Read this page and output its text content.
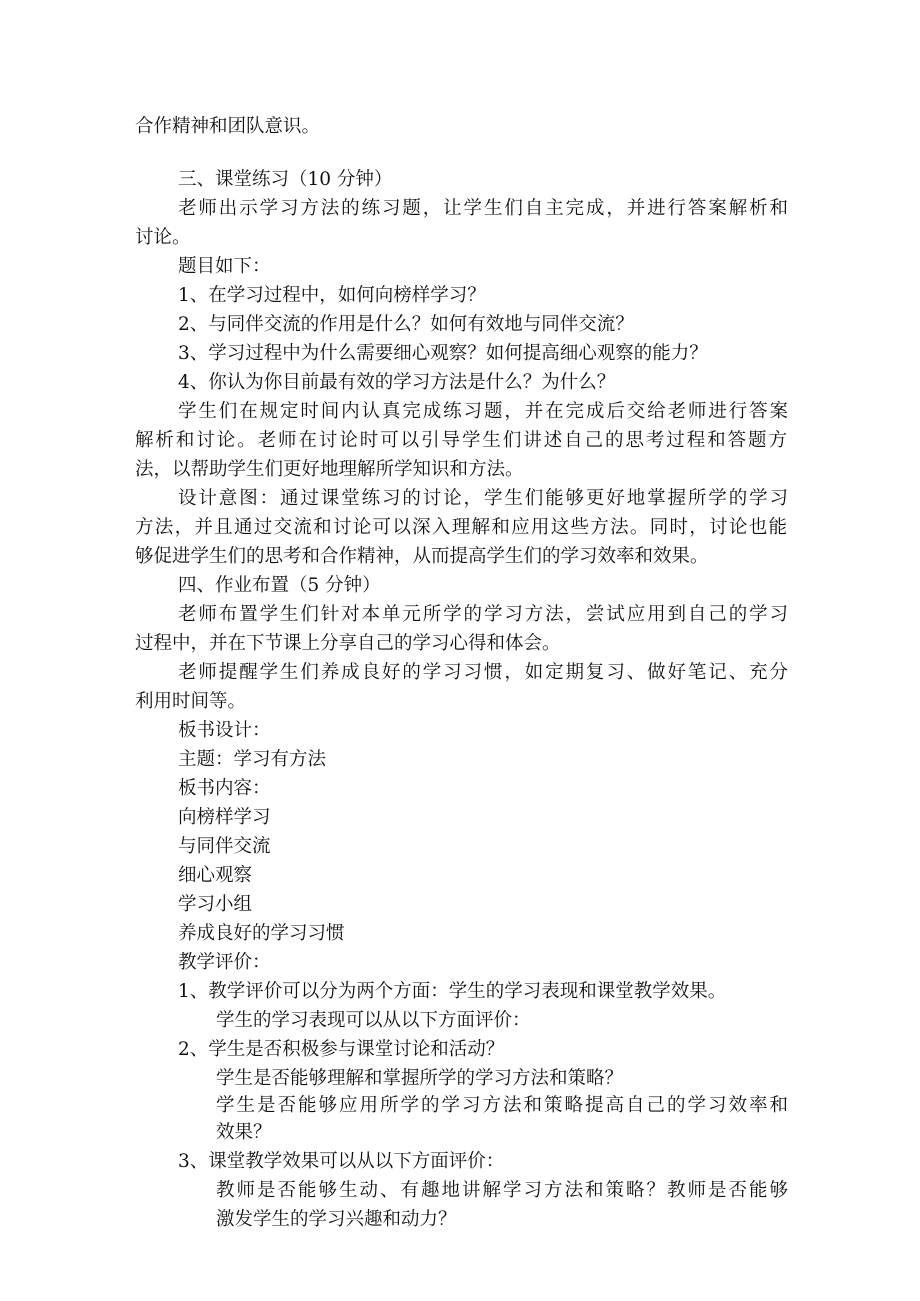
合作精神和团队意识。

三、课堂练习（10 分钟）

老师出示学习方法的练习题，让学生们自主完成，并进行答案解析和

讨论。

题目如下：

1、在学习过程中，如何向榜样学习？

2、与同伴交流的作用是什么？如何有效地与同伴交流？

3、学习过程中为什么需要细心观察？如何提高细心观察的能力？

4、你认为你目前最有效的学习方法是什么？为什么？

学生们在规定时间内认真完成练习题，并在完成后交给老师进行答案

解析和讨论。老师在讨论时可以引导学生们讲述自己的思考过程和答题方

法，以帮助学生们更好地理解所学知识和方法。

设计意图：通过课堂练习的讨论，学生们能够更好地掌握所学的学习

方法，并且通过交流和讨论可以深入理解和应用这些方法。同时，讨论也能

够促进学生们的思考和合作精神，从而提高学生们的学习效率和效果。

四、作业布置（5 分钟）

老师布置学生们针对本单元所学的学习方法，尝试应用到自己的学习

过程中，并在下节课上分享自己的学习心得和体会。

老师提醒学生们养成良好的学习习惯，如定期复习、做好笔记、充分

利用时间等。

板书设计：

主题：学习有方法

板书内容：

向榜样学习

与同伴交流

细心观察

学习小组

养成良好的学习习惯

教学评价：

1、教学评价可以分为两个方面：学生的学习表现和课堂教学效果。

学生的学习表现可以从以下方面评价：

2、学生是否积极参与课堂讨论和活动？

学生是否能够理解和掌握所学的学习方法和策略？

学生是否能够应用所学的学习方法和策略提高自己的学习效率和

效果？

3、课堂教学效果可以从以下方面评价：

教师是否能够生动、有趣地讲解学习方法和策略？教师是否能够

激发学生的学习兴趣和动力？
